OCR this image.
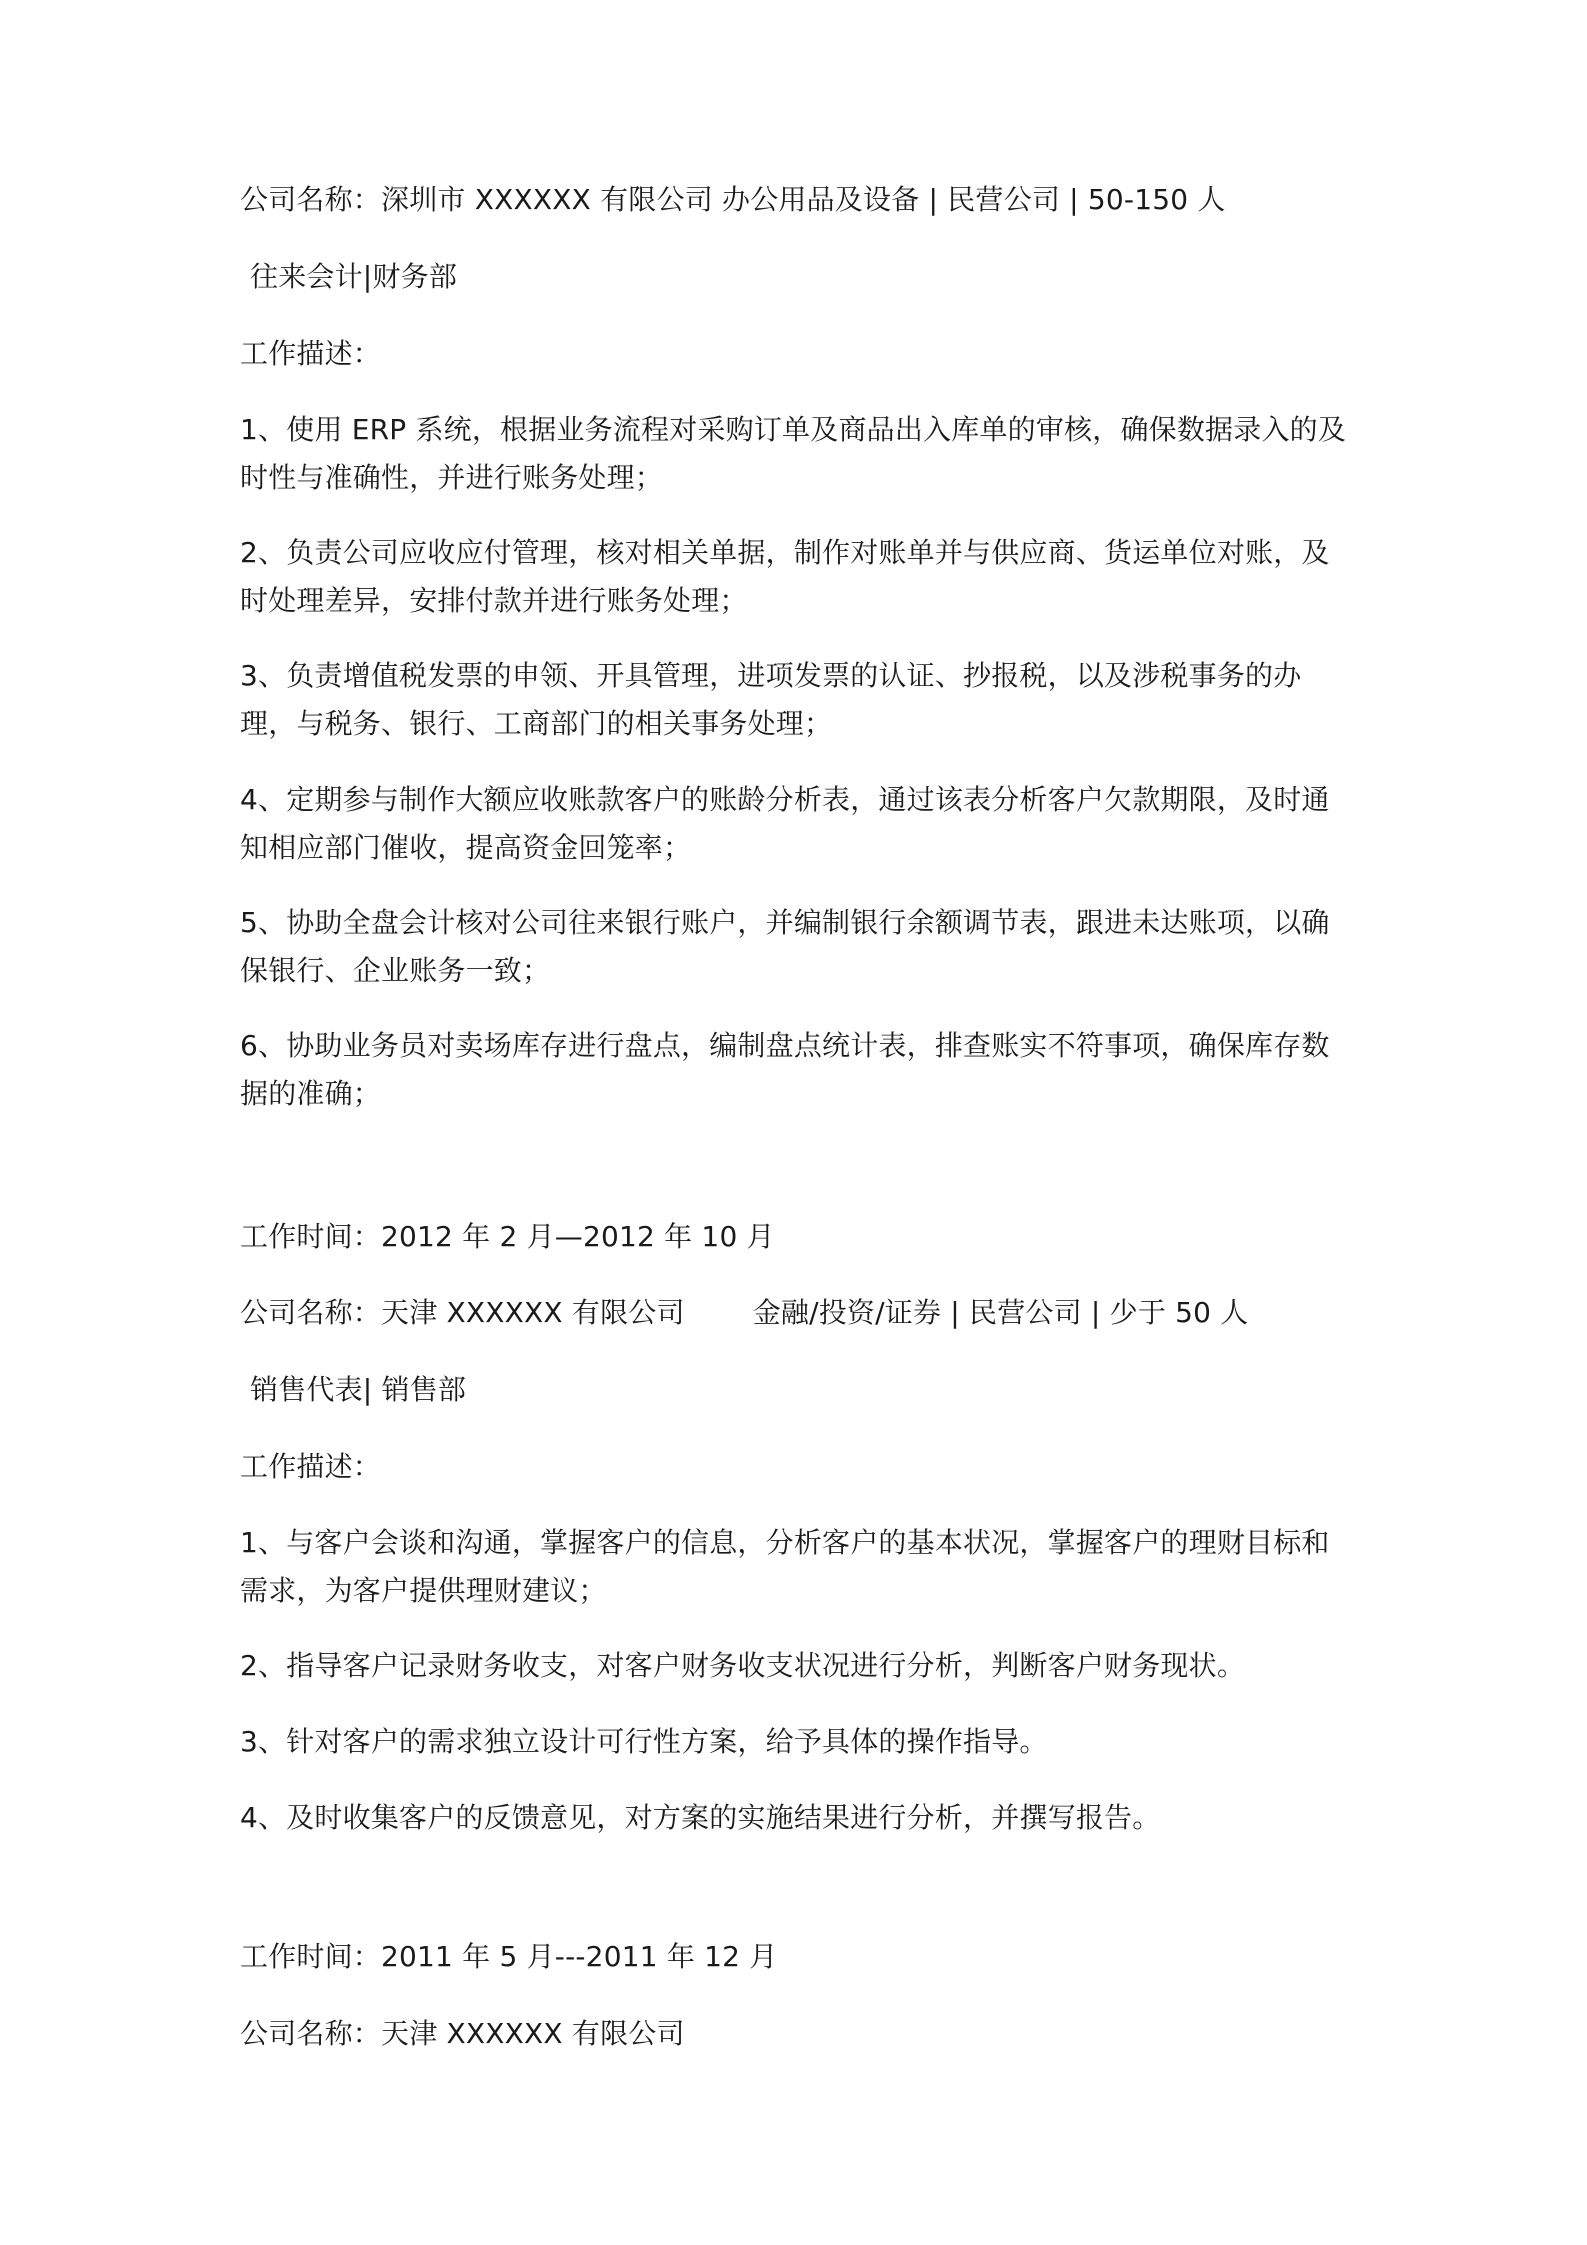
公司名称：深圳市 XXXXXX 有限公司 办公用品及设备 | 民营公司 | 50-150 人
往来会计|财务部
工作描述：
1、使用 ERP 系统，根据业务流程对采购订单及商品出入库单的审核，确保数据录入的及时性与准确性，并进行账务处理；
2、负责公司应收应付管理，核对相关单据，制作对账单并与供应商、货运单位对账，及时处理差异，安排付款并进行账务处理；
3、负责增值税发票的申领、开具管理，进项发票的认证、抄报税，以及涉税事务的办理，与税务、银行、工商部门的相关事务处理；
4、定期参与制作大额应收账款客户的账龄分析表，通过该表分析客户欠款期限，及时通知相应部门催收，提高资金回笼率；
5、协助全盘会计核对公司往来银行账户，并编制银行余额调节表，跟进未达账项，以确保银行、企业账务一致；
6、协助业务员对卖场库存进行盘点，编制盘点统计表，排查账实不符事项，确保库存数据的准确；
工作时间：2012 年 2 月—2012 年 10 月
公司名称：天津 XXXXXX 有限公司 金融/投资/证券 | 民营公司 | 少于 50 人
销售代表| 销售部
工作描述：
1、与客户会谈和沟通，掌握客户的信息，分析客户的基本状况，掌握客户的理财目标和需求，为客户提供理财建议；
2、指导客户记录财务收支，对客户财务收支状况进行分析，判断客户财务现状。
3、针对客户的需求独立设计可行性方案，给予具体的操作指导。
4、及时收集客户的反馈意见，对方案的实施结果进行分析，并撰写报告。
工作时间：2011 年 5 月---2011 年 12 月
公司名称：天津 XXXXXX 有限公司
